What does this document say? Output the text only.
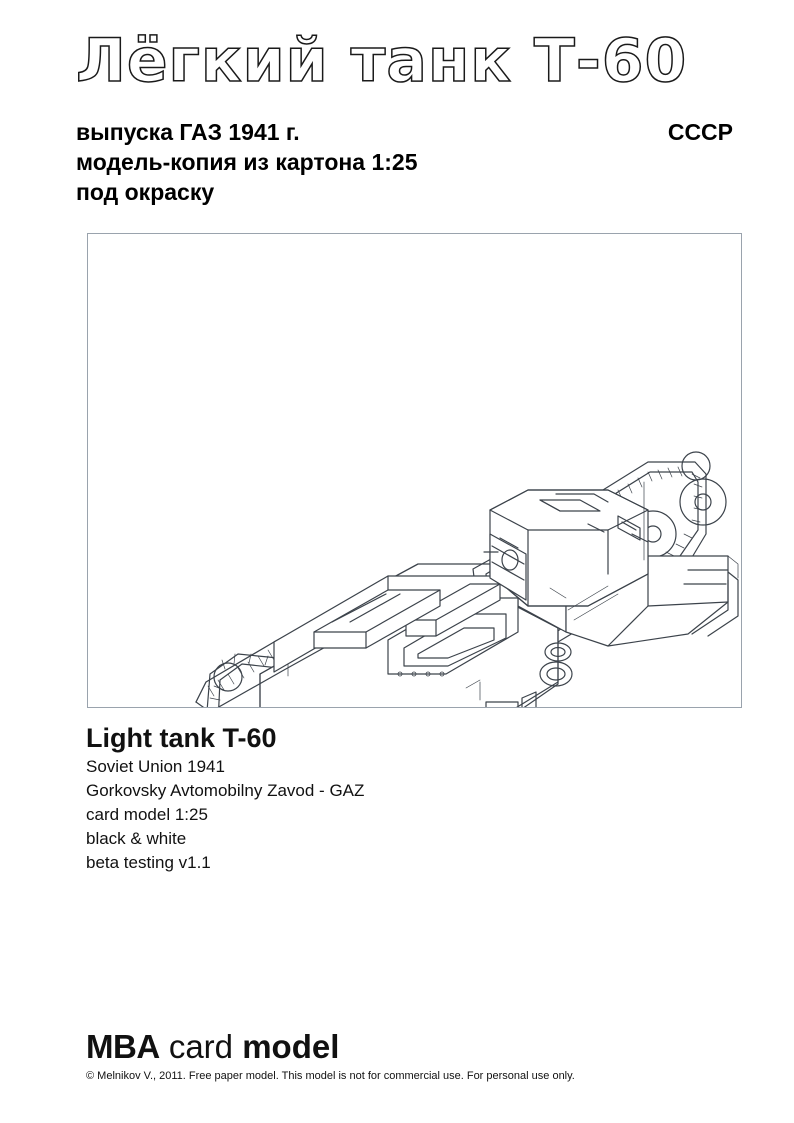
Лёгкий танк Т-60
выпуска ГАЗ 1941 г.	СССР
модель-копия из картона 1:25
под окраску
Light tank T-60
Soviet Union 1941
Gorkovsky Avtomobilny Zavod - GAZ
card model 1:25
black & white
beta testing v1.1
MBA card model
© Melnikov V., 2011. Free paper model. This model is not for commercial use. For personal use only.
